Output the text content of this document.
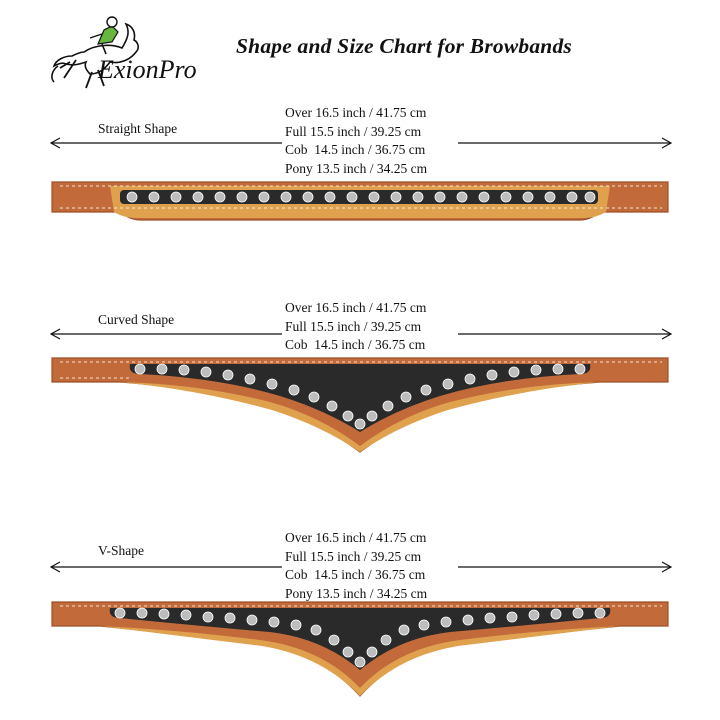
ExionPro
Shape and Size Chart for Browbands
Straight Shape
Over 16.5 inch / 41.75 cm
Full 15.5 inch / 39.25 cm
Cob  14.5 inch / 36.75 cm
Pony 13.5 inch / 34.25 cm
Curved Shape
Over 16.5 inch / 41.75 cm
Full 15.5 inch / 39.25 cm
Cob  14.5 inch / 36.75 cm
V-Shape
Over 16.5 inch / 41.75 cm
Full 15.5 inch / 39.25 cm
Cob  14.5 inch / 36.75 cm
Pony 13.5 inch / 34.25 cm
